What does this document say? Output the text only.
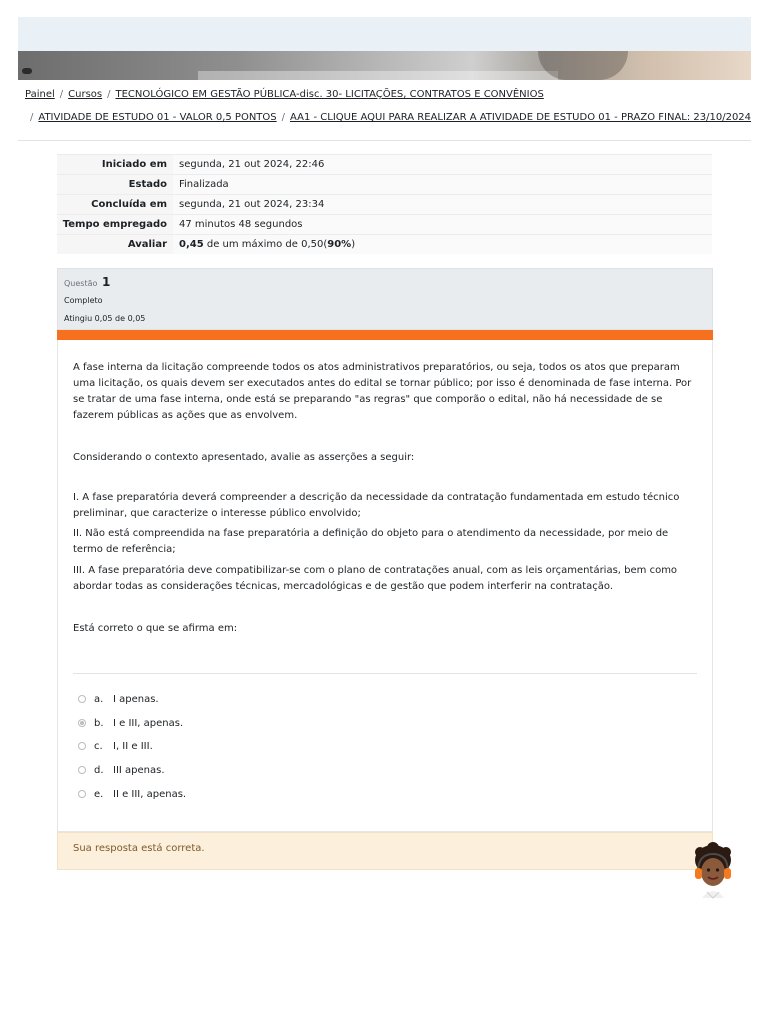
Painel / Cursos / TECNOLÓGICO EM GESTÃO PÚBLICA-disc. 30- LICITAÇÕES, CONTRATOS E CONVÊNIOS
/ ATIVIDADE DE ESTUDO 01 - VALOR 0,5 PONTOS / AA1 - CLIQUE AQUI PARA REALIZAR A ATIVIDADE DE ESTUDO 01 - PRAZO FINAL: 23/10/2024
Iniciado em	segunda, 21 out 2024, 22:46
Estado	Finalizada
Concluída em	segunda, 21 out 2024, 23:34
Tempo empregado	47 minutos 48 segundos
Avaliar	0,45 de um máximo de 0,50(90%)
Questão 1
Completo
Atingiu 0,05 de 0,05

A fase interna da licitação compreende todos os atos administrativos preparatórios, ou seja, todos os atos que preparam uma licitação, os quais devem ser executados antes do edital se tornar público; por isso é denominada de fase interna. Por se tratar de uma fase interna, onde está se preparando "as regras" que comporão o edital, não há necessidade de se fazerem públicas as ações que as envolvem.

Considerando o contexto apresentado, avalie as asserções a seguir:

I. A fase preparatória deverá compreender a descrição da necessidade da contratação fundamentada em estudo técnico preliminar, que caracterize o interesse público envolvido;

II. Não está compreendida na fase preparatória a definição do objeto para o atendimento da necessidade, por meio de termo de referência;

III. A fase preparatória deve compatibilizar-se com o plano de contratações anual, com as leis orçamentárias, bem como abordar todas as considerações técnicas, mercadológicas e de gestão que podem interferir na contratação.

Está correto o que se afirma em:

a. I apenas.
b. I e III, apenas.
c.	I, II e III.
d. III apenas.
e. II e III, apenas.
Sua resposta está correta.
